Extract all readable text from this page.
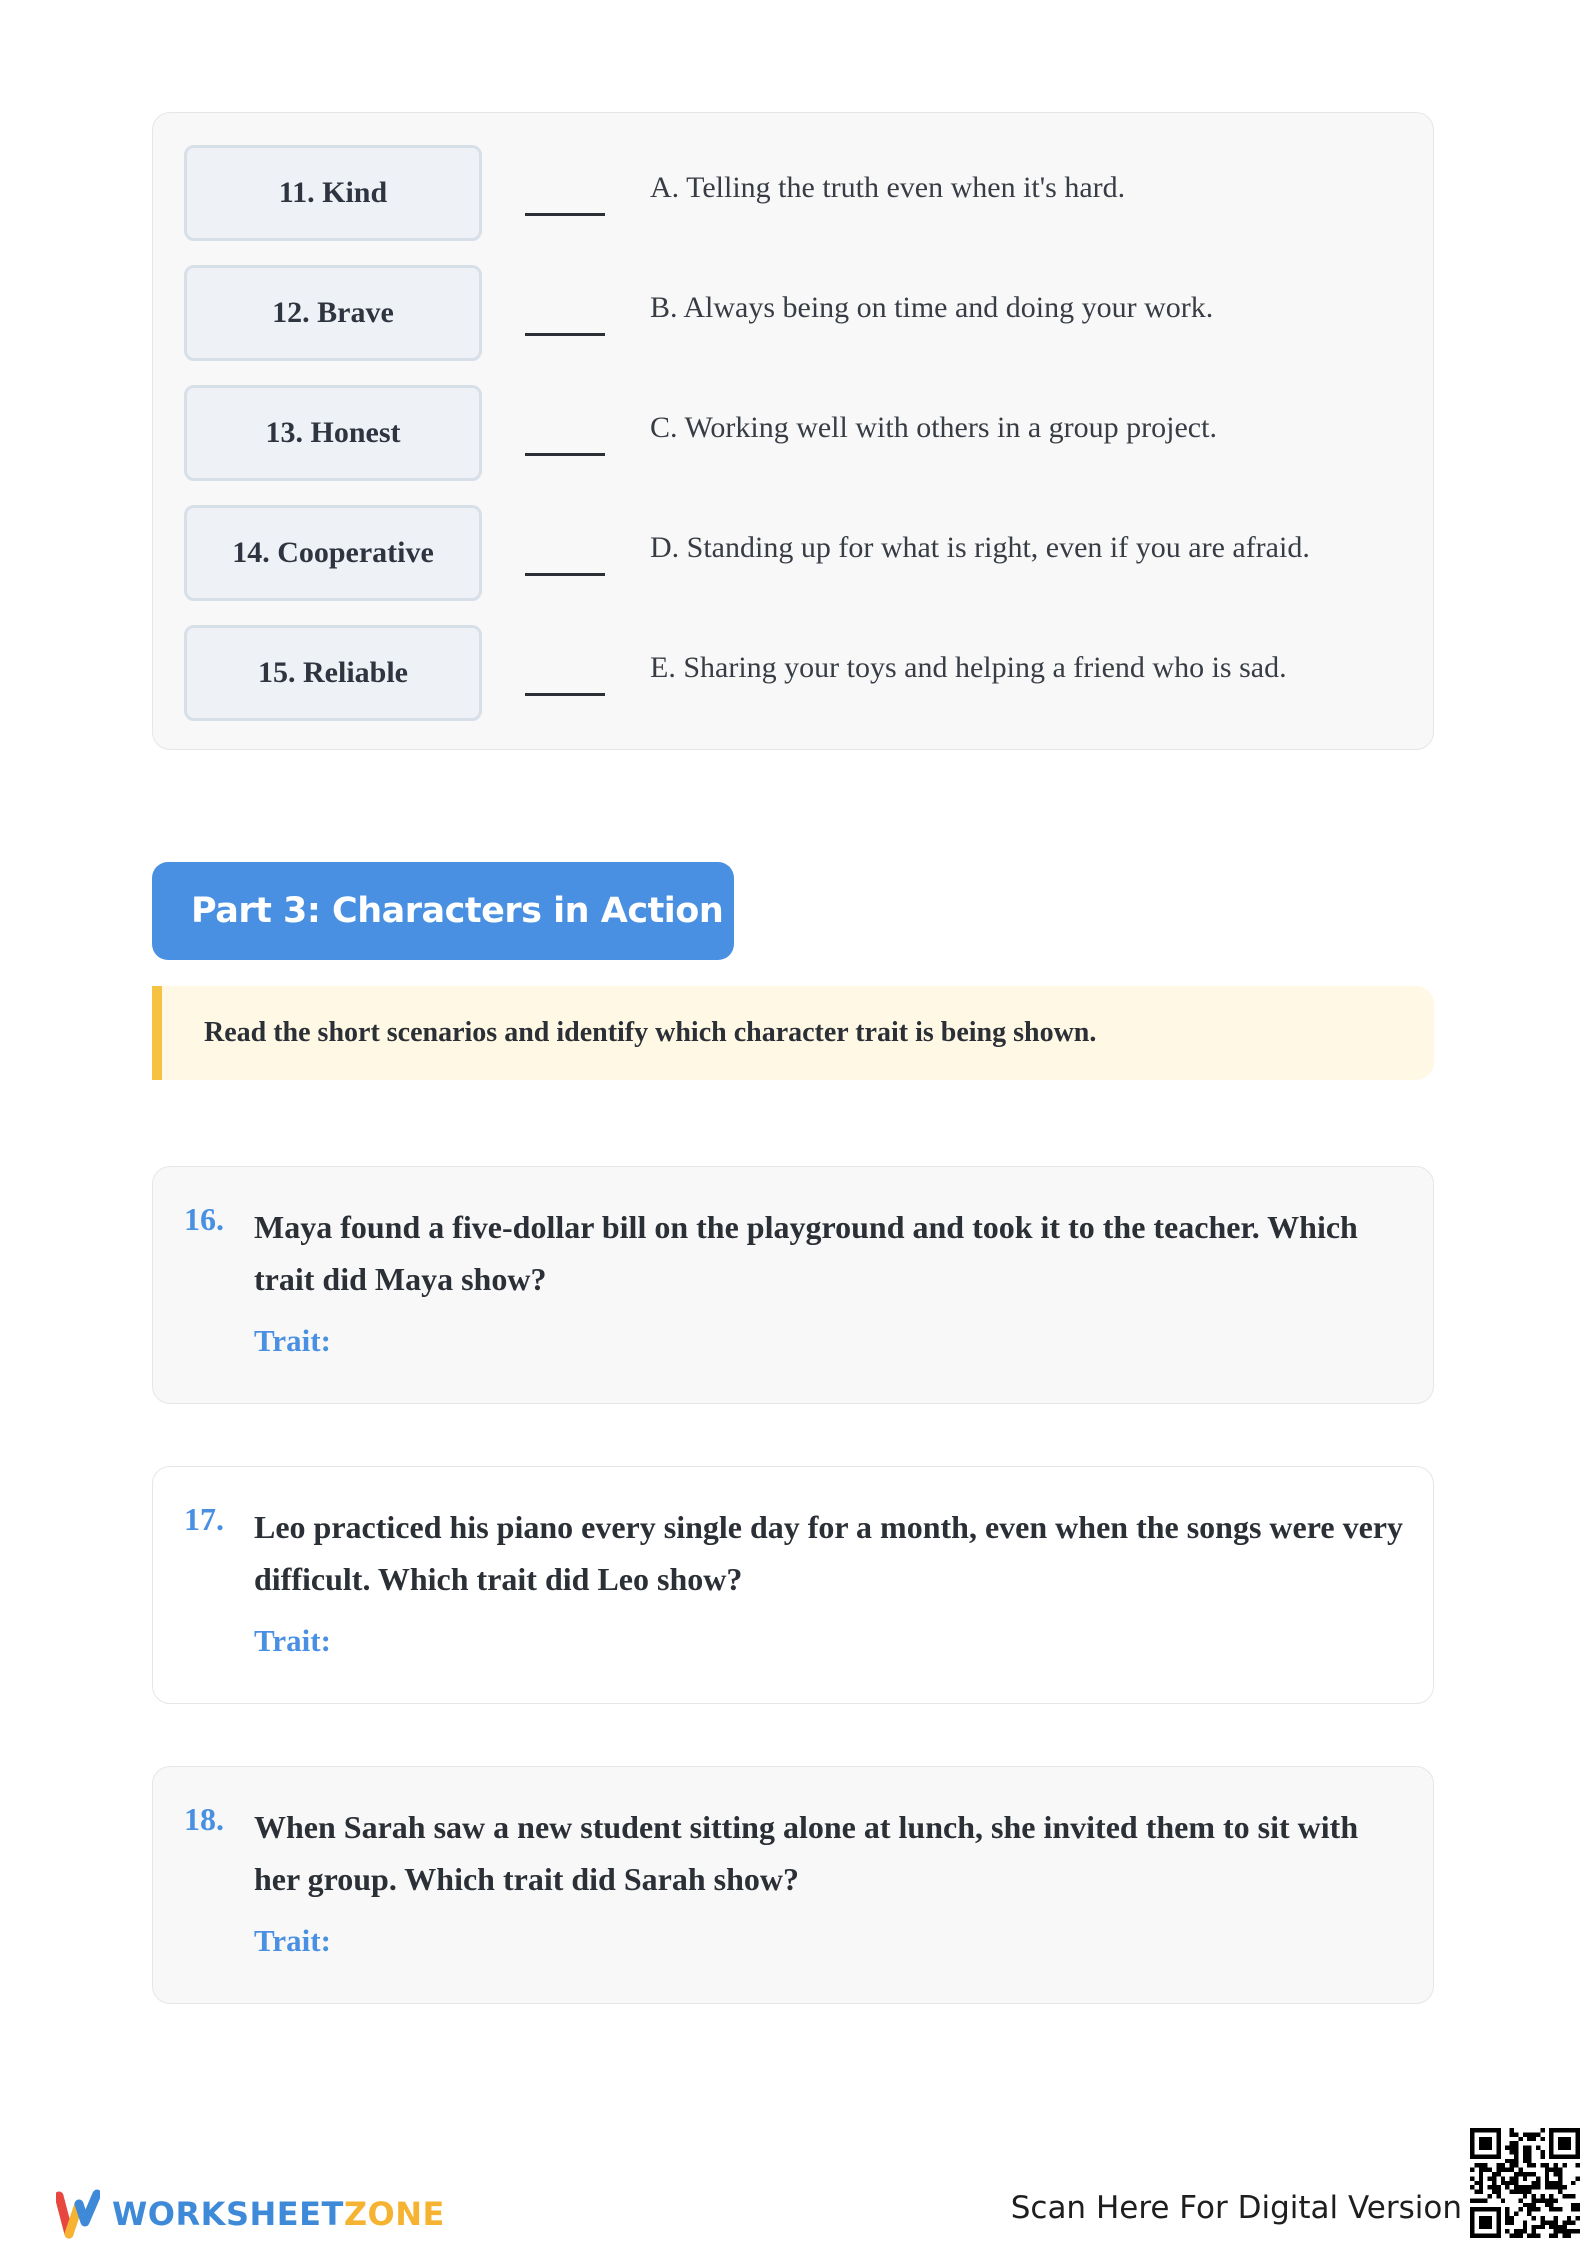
11. Kind	A. Telling the truth even when it's hard.
12. Brave	B. Always being on time and doing your work.
13. Honest	C. Working well with others in a group project.
14. Cooperative	D. Standing up for what is right, even if you are afraid.
15. Reliable	E. Sharing your toys and helping a friend who is sad.
Part 3: Characters in Action
Read the short scenarios and identify which character trait is being shown.
16. Maya found a five-dollar bill on the playground and took it to the teacher. Which trait did Maya show?
Trait:
17. Leo practiced his piano every single day for a month, even when the songs were very difficult. Which trait did Leo show?
Trait:
18. When Sarah saw a new student sitting alone at lunch, she invited them to sit with her group. Which trait did Sarah show?
Trait:
WORKSHEETZONE	Scan Here For Digital Version
